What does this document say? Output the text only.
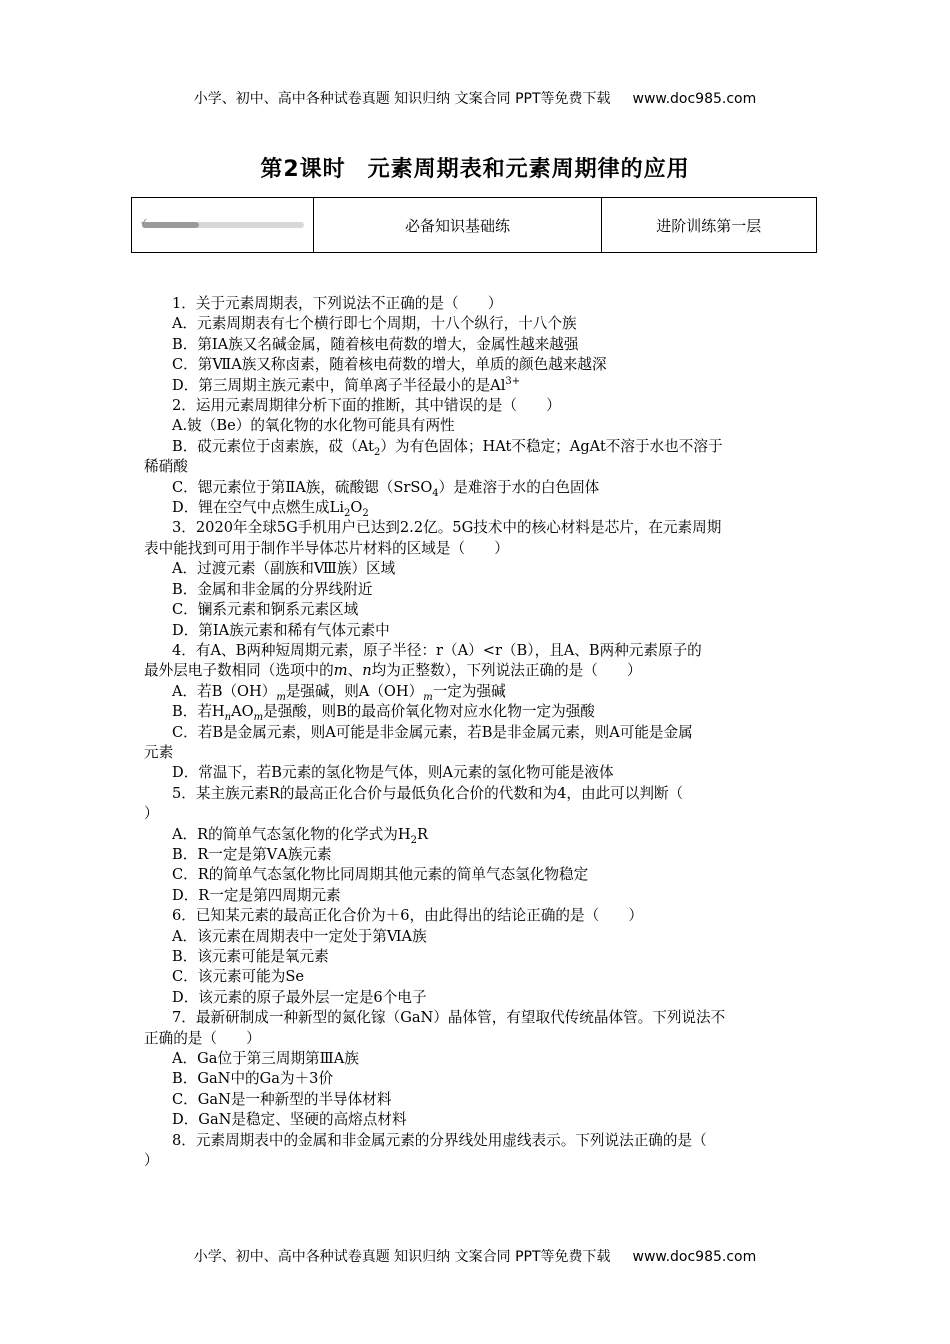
小学、初中、高中各种试卷真题 知识归纳 文案合同 PPT等免费下载 www.doc985.com
第2课时 元素周期表和元素周期律的应用
✓	必备知识基础练	进阶训练第一层
1．关于元素周期表，下列说法不正确的是（　　）
A．元素周期表有七个横行即七个周期，十八个纵行，十八个族
B．第ⅠA族又名碱金属，随着核电荷数的增大，金属性越来越强
C．第ⅦA族又称卤素，随着核电荷数的增大，单质的颜色越来越深
D．第三周期主族元素中，简单离子半径最小的是$Al^{3+}$
2．运用元素周期律分析下面的推断，其中错误的是（　　）
A.铍（Be）的氧化物的水化物可能具有两性
B．砹元素位于卤素族，砹$(At_2)$为有色固体；HAt不稳定；AgAt不溶于水也不溶于
稀硝酸
C．锶元素位于第ⅡA族，硫酸锶（SrSO$_4$）是难溶于水的白色固体
D．锂在空气中点燃生成$Li_2O_2$
3．2020年全球5G手机用户已达到2.2亿。5G技术中的核心材料是芯片，在元素周期
表中能找到可用于制作半导体芯片材料的区域是（　　）
A．过渡元素（副族和Ⅷ族）区域
B．金属和非金属的分界线附近
C．镧系元素和锕系元素区域
D．第ⅠA族元素和稀有气体元素中
4．有A、B两种短周期元素，原子半径：r（A）<r（B），且A、B两种元素原子的
最外层电子数相同（选项中的m、n均为正整数），下列说法正确的是（　　）
A．若$B(OH)_m$是强碱，则$A(OH)_m$一定为强碱
B．若$H_nAO_m$是强酸，则B的最高价氧化物对应水化物一定为强酸
C．若B是金属元素，则A可能是非金属元素，若B是非金属元素，则A可能是金属
元素
D．常温下，若B元素的氢化物是气体，则A元素的氢化物可能是液体
5．某主族元素R的最高正化合价与最低负化合价的代数和为4，由此可以判断（
）
A．R的简单气态氢化物的化学式为$H_2R$
B．R一定是第ⅤA族元素
C．R的简单气态氢化物比同周期其他元素的简单气态氢化物稳定
D．R一定是第四周期元素
6．已知某元素的最高正化合价为＋6，由此得出的结论正确的是（　　）
A．该元素在周期表中一定处于第ⅥA族
B．该元素可能是氧元素
C．该元素可能为Se
D．该元素的原子最外层一定是6个电子
7．最新研制成一种新型的氮化镓（GaN）晶体管，有望取代传统晶体管。下列说法不
正确的是（　　）
A．Ga位于第三周期第ⅢA族
B．GaN中的Ga为＋3价
C．GaN是一种新型的半导体材料
D．GaN是稳定、坚硬的高熔点材料
8．元素周期表中的金属和非金属元素的分界线处用虚线表示。下列说法正确的是（
）
小学、初中、高中各种试卷真题 知识归纳 文案合同 PPT等免费下载 www.doc985.com
